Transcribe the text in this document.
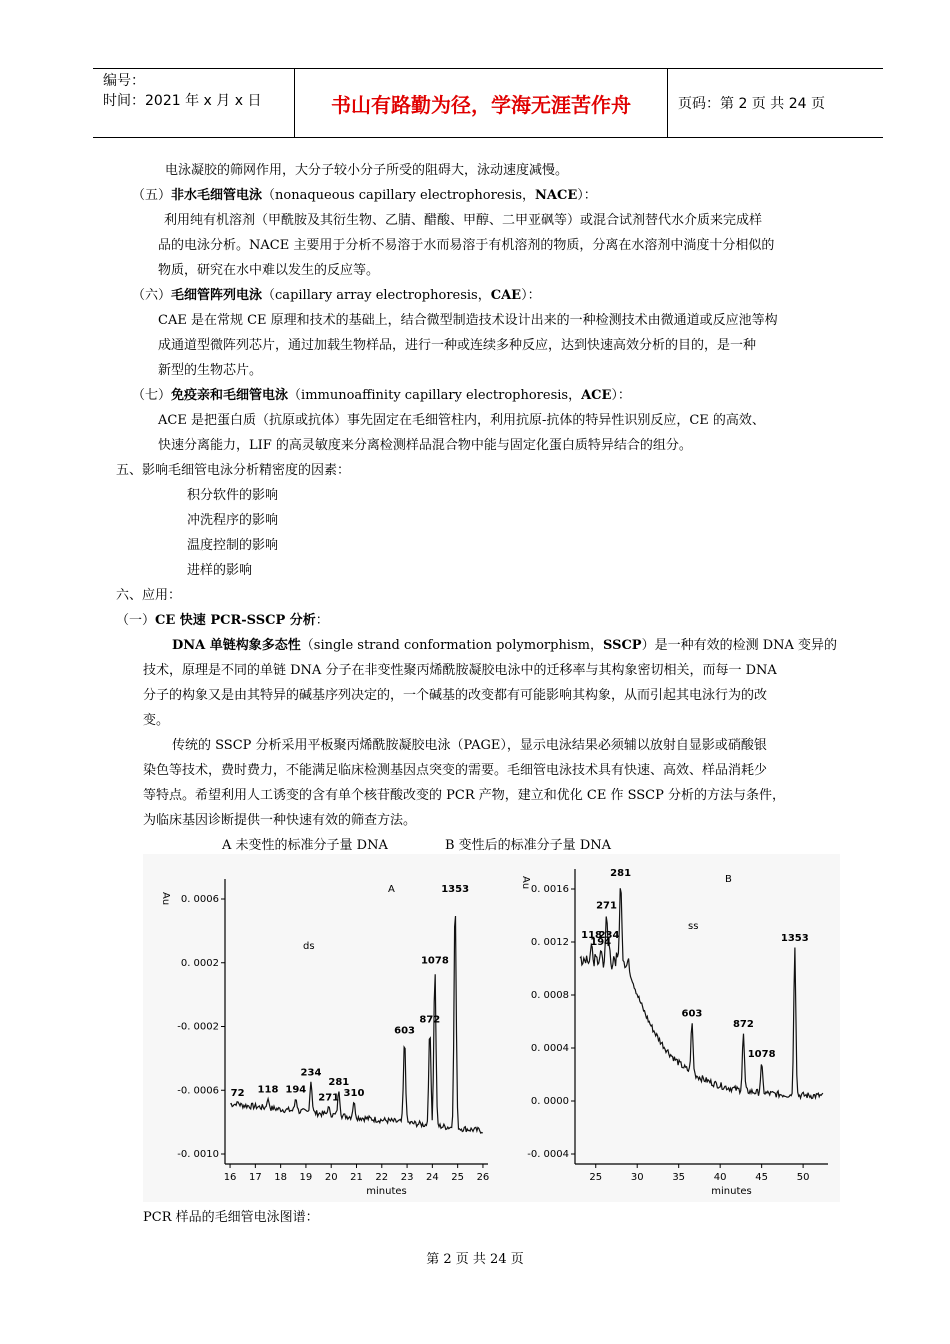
编号：
时间：2021 年 x 月 x 日	书山有路勤为径，学海无涯苦作舟	页码：第 2 页 共 24 页
电泳凝胶的筛网作用，大分子较小分子所受的阻碍大，泳动速度减慢。
（五）非水毛细管电泳（nonaqueous capillary electrophoresis，NACE）：
利用纯有机溶剂（甲酰胺及其衍生物、乙腈、醋酸、甲醇、二甲亚砜等）或混合试剂替代水介质来完成样
品的电泳分析。NACE 主要用于分析不易溶于水而易溶于有机溶剂的物质，分离在水溶剂中淌度十分相似的
物质，研究在水中难以发生的反应等。
（六）毛细管阵列电泳（capillary array electrophoresis，CAE）：
CAE 是在常规 CE 原理和技术的基础上，结合微型制造技术设计出来的一种检测技术由微通道或反应池等构
成通道型微阵列芯片，通过加载生物样品，进行一种或连续多种反应，达到快速高效分析的目的，是一种
新型的生物芯片。
（七）免疫亲和毛细管电泳（immunoaffinity capillary electrophoresis，ACE）：
ACE 是把蛋白质（抗原或抗体）事先固定在毛细管柱内，利用抗原-抗体的特异性识别反应，CE 的高效、
快速分离能力，LIF 的高灵敏度来分离检测样品混合物中能与固定化蛋白质特异结合的组分。
五、影响毛细管电泳分析精密度的因素：
积分软件的影响
冲洗程序的影响
温度控制的影响
进样的影响
六、应用：
（一）CE 快速 PCR-SSCP 分析：
DNA 单链构象多态性（single strand conformation polymorphism，SSCP）是一种有效的检测 DNA 变异的
技术，原理是不同的单链 DNA 分子在非变性聚丙烯酰胺凝胶电泳中的迁移率与其构象密切相关，而每一 DNA
分子的构象又是由其特异的碱基序列决定的，一个碱基的改变都有可能影响其构象，从而引起其电泳行为的改
变。
传统的 SSCP 分析采用平板聚丙烯酰胺凝胶电泳（PAGE），显示电泳结果必须辅以放射自显影或硝酸银
染色等技术，费时费力，不能满足临床检测基因点突变的需要。毛细管电泳技术具有快速、高效、样品消耗少
等特点。希望利用人工诱变的含有单个核苷酸改变的 PCR 产物，建立和优化 CE 作 SSCP 分析的方法与条件，
为临床基因诊断提供一种快速有效的筛查方法。
A 未变性的标准分子量 DNA	B 变性后的标准分子量 DNA
PCR 样品的毛细管电泳图谱：
0. 0006
0. 0002
-0. 0002
-0. 0006
-0. 0010
16 17 18 19 20 21 22 23 24 25 26
minutes
Au
A
ds
72 118 194
234
271
281
310
603
872
1078
1353	0. 0016
0. 0012
0. 0008
0. 0004
0. 0000
-0. 0004
25	30	35	40	45	50
minutes
Au	B
ss
118
194
234
271
281
603
872
1078
1353
第 2 页 共 24 页
